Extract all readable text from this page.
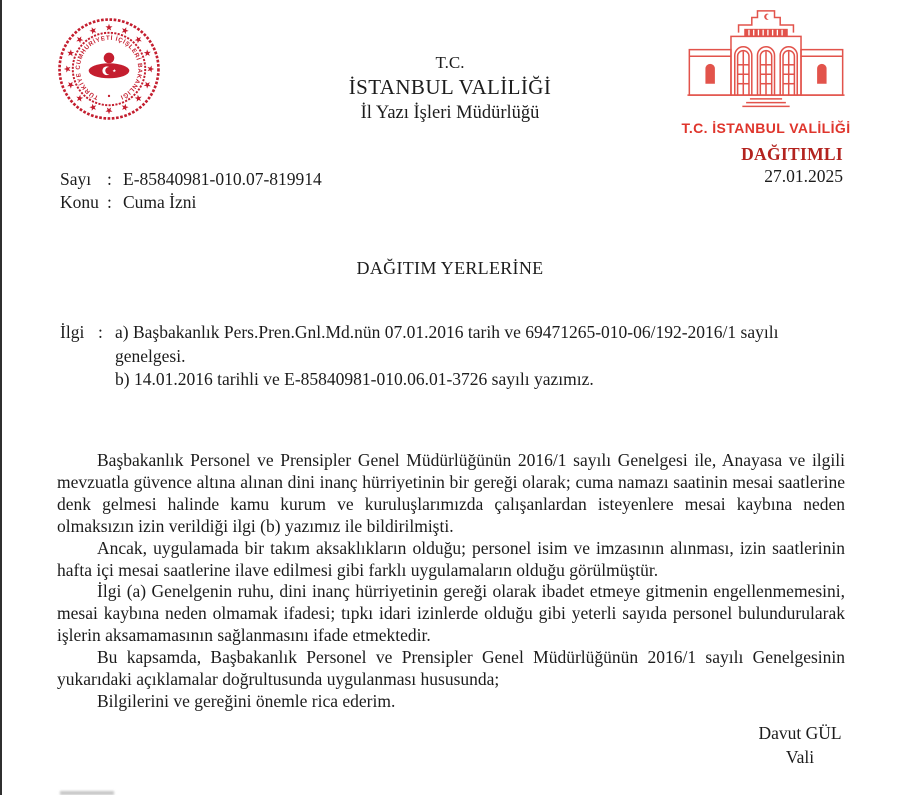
TÜRKİYE CUMHURİYETİ İÇİŞLERİ BAKANLIĞI
T.C.
İSTANBUL VALİLİĞİ
İl Yazı İşleri Müdürlüğü
T.C. İSTANBUL VALİLİĞİ
DAĞITIMLI
27.01.2025
Sayı : E-85840981-010.07-819914
Konu : Cuma İzni
DAĞITIM YERLERİNE
İlgi : a) Başbakanlık Pers.Pren.Gnl.Md.nün 07.01.2016 tarih ve 69471265-010-06/192-2016/1 sayılı genelgesi.
b) 14.01.2016 tarihli ve E-85840981-010.06.01-3726 sayılı yazımız.

Başbakanlık Personel ve Prensipler Genel Müdürlüğünün 2016/1 sayılı Genelgesi ile, Anayasa ve ilgili mevzuatla güvence altına alınan dini inanç hürriyetinin bir gereği olarak; cuma namazı saatinin mesai saatlerine denk gelmesi halinde kamu kurum ve kuruluşlarımızda çalışanlardan isteyenlere mesai kaybına neden olmaksızın izin verildiği ilgi (b) yazımız ile bildirilmişti.

Ancak, uygulamada bir takım aksaklıkların olduğu; personel isim ve imzasının alınması, izin saatlerinin hafta içi mesai saatlerine ilave edilmesi gibi farklı uygulamaların olduğu görülmüştür.

İlgi (a) Genelgenin ruhu, dini inanç hürriyetinin gereği olarak ibadet etmeye gitmenin engellenmemesini, mesai kaybına neden olmamak ifadesi; tıpkı idari izinlerde olduğu gibi yeterli sayıda personel bulundurularak işlerin aksamamasının sağlanmasını ifade etmektedir.

Bu kapsamda, Başbakanlık Personel ve Prensipler Genel Müdürlüğünün 2016/1 sayılı Genelgesinin yukarıdaki açıklamalar doğrultusunda uygulanması hususunda;

Bilgilerini ve gereğini önemle rica ederim.

Davut GÜL
Vali
